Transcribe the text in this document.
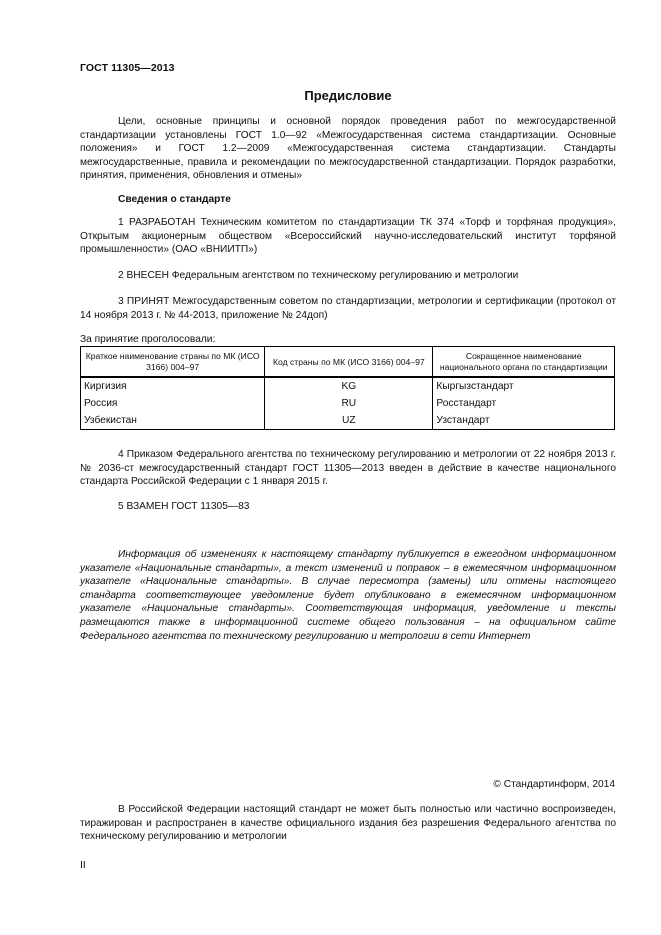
ГОСТ 11305—2013
Предисловие
Цели, основные принципы и основной порядок проведения работ по межгосударственной стандартизации установлены ГОСТ 1.0—92 «Межгосударственная система стандартизации. Основные положения» и ГОСТ 1.2—2009 «Межгосударственная система стандартизации. Стандарты межгосударственные, правила и рекомендации по межгосударственной стандартизации. Порядок разработки, принятия, применения, обновления и отмены»
Сведения о стандарте
1 РАЗРАБОТАН Техническим комитетом по стандартизации ТК 374 «Торф и торфяная продукция», Открытым акционерным обществом «Всероссийский научно-исследовательский институт торфяной промышленности» (ОАО «ВНИИТП»)
2 ВНЕСЕН Федеральным агентством по техническому регулированию и метрологии
3 ПРИНЯТ Межгосударственным советом по стандартизации, метрологии и сертификации (протокол от 14 ноября 2013 г. № 44-2013, приложение № 24доп)
За принятие проголосовали:
Краткое наименование страны по МК (ИСО 3166) 004–97	Код страны по МК (ИСО 3166) 004–97	Сокращенное наименование национального органа по стандартизации
Киргизия	KG	Кыргызстандарт
Россия	RU	Росстандарт
Узбекистан	UZ	Узстандарт
4 Приказом Федерального агентства по техническому регулированию и метрологии от 22 ноября 2013 г. № 2036-ст межгосударственный стандарт ГОСТ 11305—2013 введен в действие в качестве национального стандарта Российской Федерации с 1 января 2015 г.
5 ВЗАМЕН ГОСТ 11305—83
Информация об изменениях к настоящему стандарту публикуется в ежегодном информационном указателе «Национальные стандарты», а текст изменений и поправок – в ежемесячном информационном указателе «Национальные стандарты». В случае пересмотра (замены) или отмены настоящего стандарта соответствующее уведомление будет опубликовано в ежемесячном информационном указателе «Национальные стандарты». Соответствующая информация, уведомление и тексты размещаются также в информационной системе общего пользования – на официальном сайте Федерального агентства по техническому регулированию и метрологии в сети Интернет
© Стандартинформ, 2014
В Российской Федерации настоящий стандарт не может быть полностью или частично воспроизведен, тиражирован и распространен в качестве официального издания без разрешения Федерального агентства по техническому регулированию и метрологии
II
